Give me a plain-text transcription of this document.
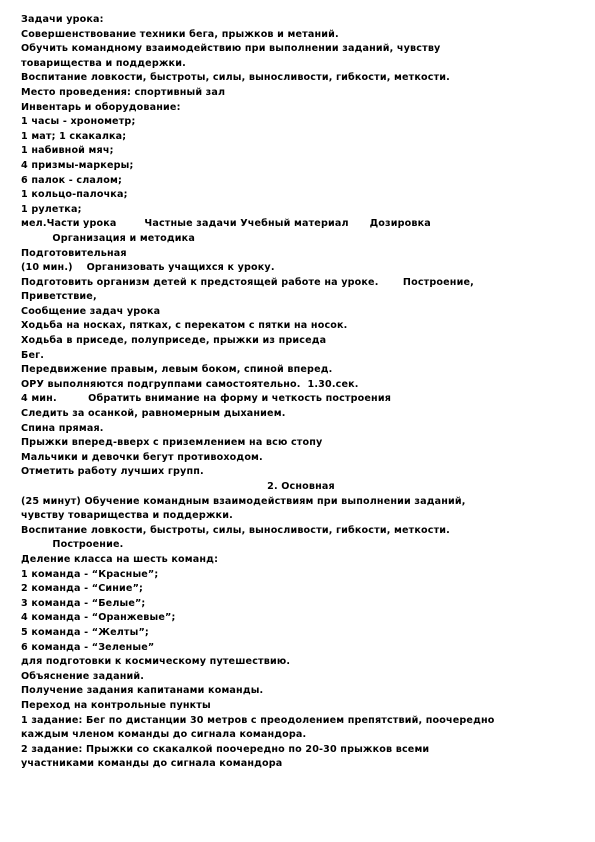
Задачи урока:
Совершенствование техники бега, прыжков и метаний.
Обучить командному взаимодействию при выполнении заданий, чувству
товарищества и поддержки.
Воспитание ловкости, быстроты, силы, выносливости, гибкости, меткости.
Место проведения: спортивный зал
Инвентарь и оборудование:
1 часы - хронометр;
1 мат; 1 скакалка;
1 набивной мяч;
4 призмы-маркеры;
6 палок - слалом;
1 кольцо-палочка;
1 рулетка;
мел.Части урока        Частные задачи Учебный материал      Дозировка
Организация и методика
Подготовительная
(10 мин.)    Организовать учащихся к уроку.
Подготовить организм детей к предстоящей работе на уроке.       Построение,
Приветствие,
Сообщение задач урока
Ходьба на носках, пятках, с перекатом с пятки на носок.
Ходьба в приседе, полуприседе, прыжки из приседа
Бег.
Передвижение правым, левым боком, спиной вперед.
ОРУ выполняются подгруппами самостоятельно.  1.30.сек.
4 мин.         Обратить внимание на форму и четкость построения
Следить за осанкой, равномерным дыханием.
Спина прямая.
Прыжки вперед-вверх с приземлением на всю стопу
Мальчики и девочки бегут противоходом.
Отметить работу лучших групп.
2. Основная
(25 минут) Обучение командным взаимодействиям при выполнении заданий,
чувству товарищества и поддержки.
Воспитание ловкости, быстроты, силы, выносливости, гибкости, меткости.
Построение.
Деление класса на шесть команд:
1 команда - “Красные”;
2 команда - “Синие”;
3 команда - “Белые”;
4 команда - “Оранжевые”;
5 команда - “Желты”;
6 команда - “Зеленые”
для подготовки к космическому путешествию.
Объяснение заданий.
Получение задания капитанами команды.
Переход на контрольные пункты
1 задание: Бег по дистанции 30 метров с преодолением препятствий, поочередно
каждым членом команды до сигнала командора.
2 задание: Прыжки со скакалкой поочередно по 20-30 прыжков всеми
участниками команды до сигнала командора
